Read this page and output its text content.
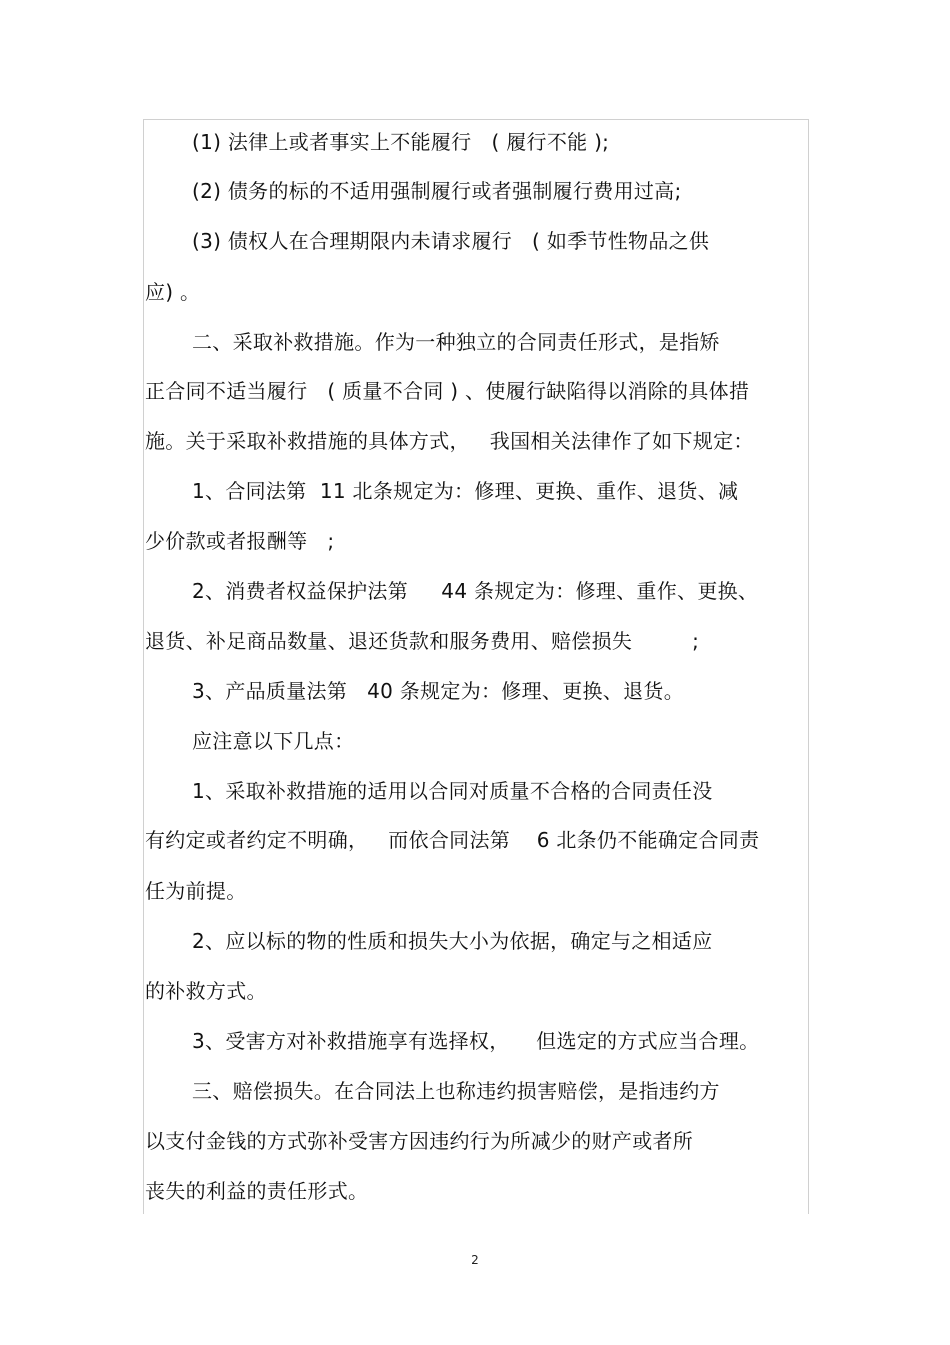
(1) 法律上或者事实上不能履行   ( 履行不能 );
(2) 债务的标的不适用强制履行或者强制履行费用过高;
(3) 债权人在合理期限内未请求履行   ( 如季节性物品之供
应) 。
二、采取补救措施。作为一种独立的合同责任形式，是指矫
正合同不适当履行   ( 质量不合同 ) 、使履行缺陷得以消除的具体措
施。关于采取补救措施的具体方式，   我国相关法律作了如下规定：
1、合同法第  11 北条规定为：修理、更换、重作、退货、减
少价款或者报酬等   ;
2、消费者权益保护法第     44 条规定为：修理、重作、更换、
退货、补足商品数量、退还货款和服务费用、赔偿损失         ;
3、产品质量法第   40 条规定为：修理、更换、退货。
应注意以下几点：
1、采取补救措施的适用以合同对质量不合格的合同责任没
有约定或者约定不明确，   而依合同法第    6 北条仍不能确定合同责
任为前提。
2、应以标的物的性质和损失大小为依据，确定与之相适应
的补救方式。
3、受害方对补救措施享有选择权，    但选定的方式应当合理。
三、赔偿损失。在合同法上也称违约损害赔偿，是指违约方
以支付金钱的方式弥补受害方因违约行为所减少的财产或者所
丧失的利益的责任形式。
2
